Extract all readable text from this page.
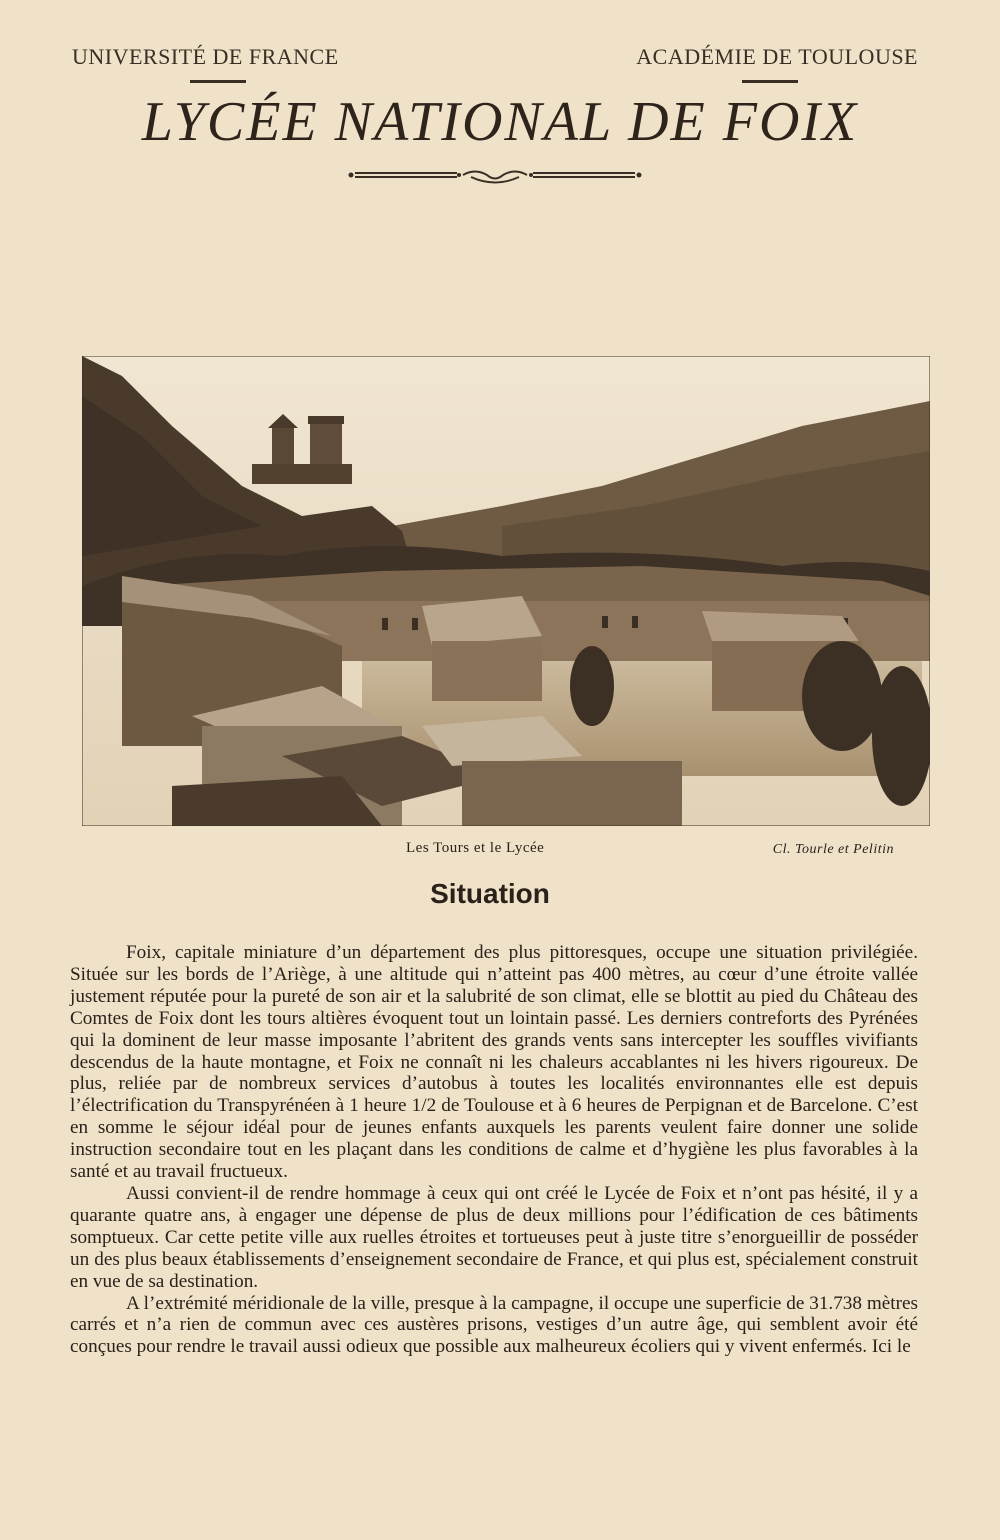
UNIVERSITÉ DE FRANCE	ACADÉMIE DE TOULOUSE
LYCÉE NATIONAL DE FOIX
Les Tours et le Lycée	Cl. Tourle et Pelitin
Situation

Foix, capitale miniature d’un département des plus pittoresques, occupe une situation privilégiée. Située sur les bords de l’Ariège, à une altitude qui n’atteint pas 400 mètres, au cœur d’une étroite vallée justement réputée pour la pureté de son air et la salubrité de son climat, elle se blottit au pied du Château des Comtes de Foix dont les tours altières évoquent tout un lointain passé. Les derniers contreforts des Pyrénées qui la dominent de leur masse imposante l’abritent des grands vents sans intercepter les souffles vivifiants descendus de la haute montagne, et Foix ne connaît ni les chaleurs accablantes ni les hivers rigoureux. De plus, reliée par de nombreux services d’autobus à toutes les localités environnantes elle est depuis l’électrification du Transpyrénéen à 1 heure 1/2 de Toulouse et à 6 heures de Perpignan et de Barcelone. C’est en somme le séjour idéal pour de jeunes enfants auxquels les parents veulent faire donner une solide instruction secondaire tout en les plaçant dans les conditions de calme et d’hygiène les plus favorables à la santé et au travail fructueux.

Aussi convient-il de rendre hommage à ceux qui ont créé le Lycée de Foix et n’ont pas hésité, il y a quarante quatre ans, à engager une dépense de plus de deux millions pour l’édification de ces bâtiments somptueux. Car cette petite ville aux ruelles étroites et tortueuses peut à juste titre s’enorgueillir de posséder un des plus beaux établissements d’enseignement secondaire de France, et qui plus est, spécialement construit en vue de sa destination.

A l’extrémité méridionale de la ville, presque à la campagne, il occupe une superficie de 31.738 mètres carrés et n’a rien de commun avec ces austères prisons, vestiges d’un autre âge, qui semblent avoir été conçues pour rendre le travail aussi odieux que possible aux malheureux écoliers qui y vivent enfermés. Ici le
